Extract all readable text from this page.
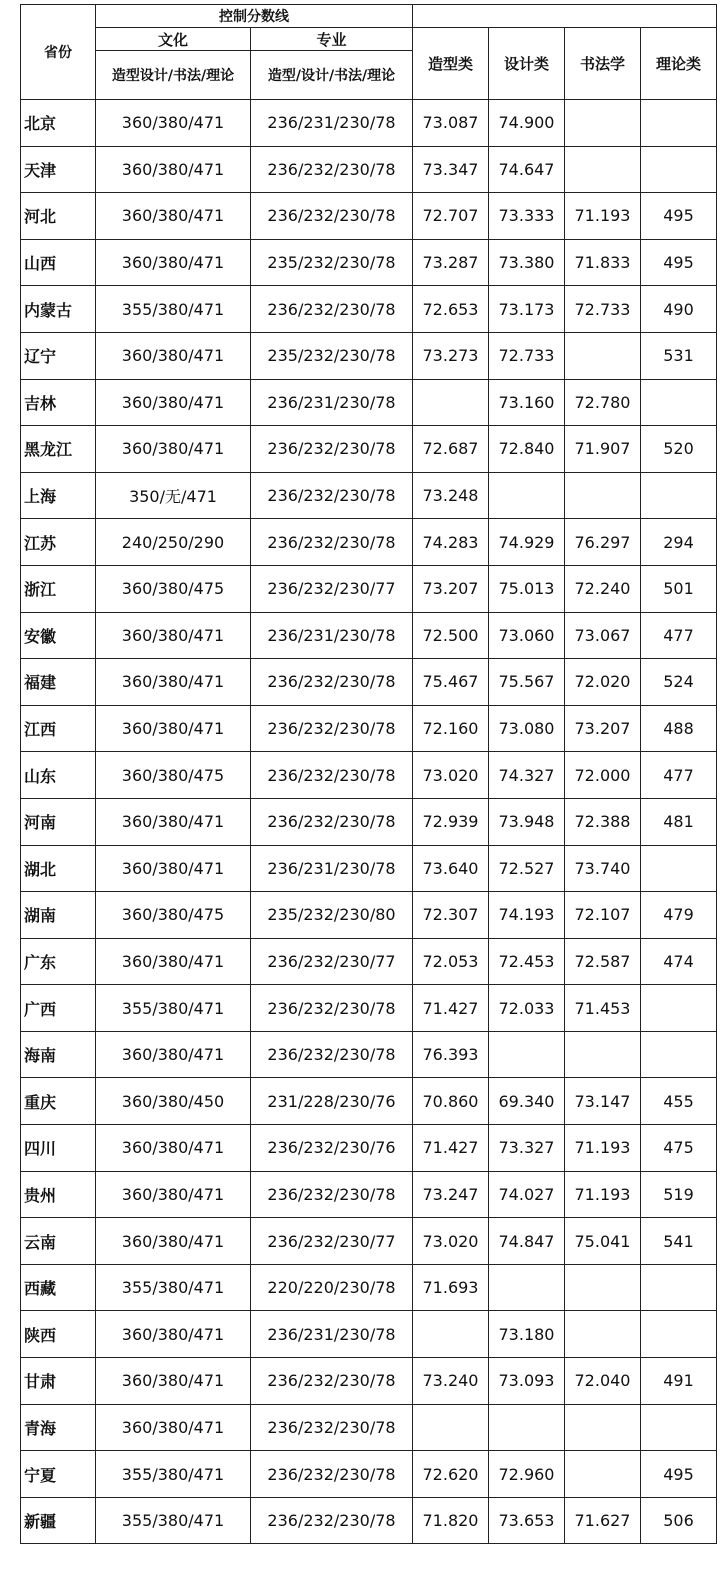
省份	控制分数线					
	文化	专业	造型类	设计类	书法学	理论类
	造型设计/书法/理论	造型/设计/书法/理论				
北京	360/380/471	236/231/230/78	73.087	74.900		
天津	360/380/471	236/232/230/78	73.347	74.647		
河北	360/380/471	236/232/230/78	72.707	73.333	71.193	495
山西	360/380/471	235/232/230/78	73.287	73.380	71.833	495
内蒙古	355/380/471	236/232/230/78	72.653	73.173	72.733	490
辽宁	360/380/471	235/232/230/78	73.273	72.733		531
吉林	360/380/471	236/231/230/78		73.160	72.780	
黑龙江	360/380/471	236/232/230/78	72.687	72.840	71.907	520
上海	350/无/471	236/232/230/78	73.248			
江苏	240/250/290	236/232/230/78	74.283	74.929	76.297	294
浙江	360/380/475	236/232/230/77	73.207	75.013	72.240	501
安徽	360/380/471	236/231/230/78	72.500	73.060	73.067	477
福建	360/380/471	236/232/230/78	75.467	75.567	72.020	524
江西	360/380/471	236/232/230/78	72.160	73.080	73.207	488
山东	360/380/475	236/232/230/78	73.020	74.327	72.000	477
河南	360/380/471	236/232/230/78	72.939	73.948	72.388	481
湖北	360/380/471	236/231/230/78	73.640	72.527	73.740	
湖南	360/380/475	235/232/230/80	72.307	74.193	72.107	479
广东	360/380/471	236/232/230/77	72.053	72.453	72.587	474
广西	355/380/471	236/232/230/78	71.427	72.033	71.453	
海南	360/380/471	236/232/230/78	76.393			
重庆	360/380/450	231/228/230/76	70.860	69.340	73.147	455
四川	360/380/471	236/232/230/76	71.427	73.327	71.193	475
贵州	360/380/471	236/232/230/78	73.247	74.027	71.193	519
云南	360/380/471	236/232/230/77	73.020	74.847	75.041	541
西藏	355/380/471	220/220/230/78	71.693			
陕西	360/380/471	236/231/230/78		73.180		
甘肃	360/380/471	236/232/230/78	73.240	73.093	72.040	491
青海	360/380/471	236/232/230/78				
宁夏	355/380/471	236/232/230/78	72.620	72.960		495
新疆	355/380/471	236/232/230/78	71.820	73.653	71.627	506
